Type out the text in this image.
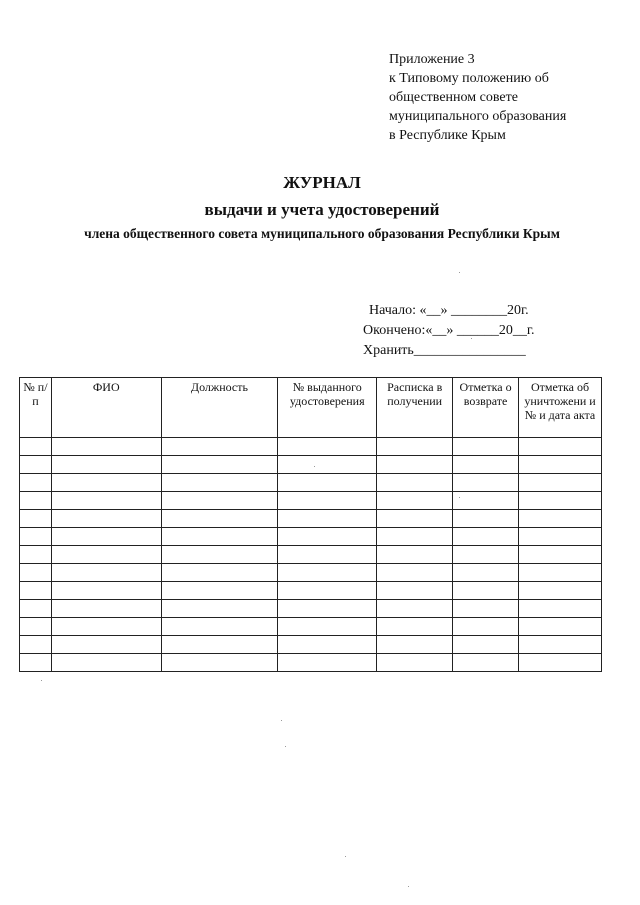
Приложение 3
к Типовому положению об
общественном совете
муниципального образования
в Республике Крым
ЖУРНАЛ
выдачи и учета удостоверений
члена общественного совета муниципального образования Республики Крым
Начало: «__» ________20г.
Окончено:«__» ______20__г.
Хранить________________
№ п/п	ФИО	Должность	№ выданного удостоверения	Расписка в получении	Отметка о возврате	Отметка об уничтожени и № и дата акта
